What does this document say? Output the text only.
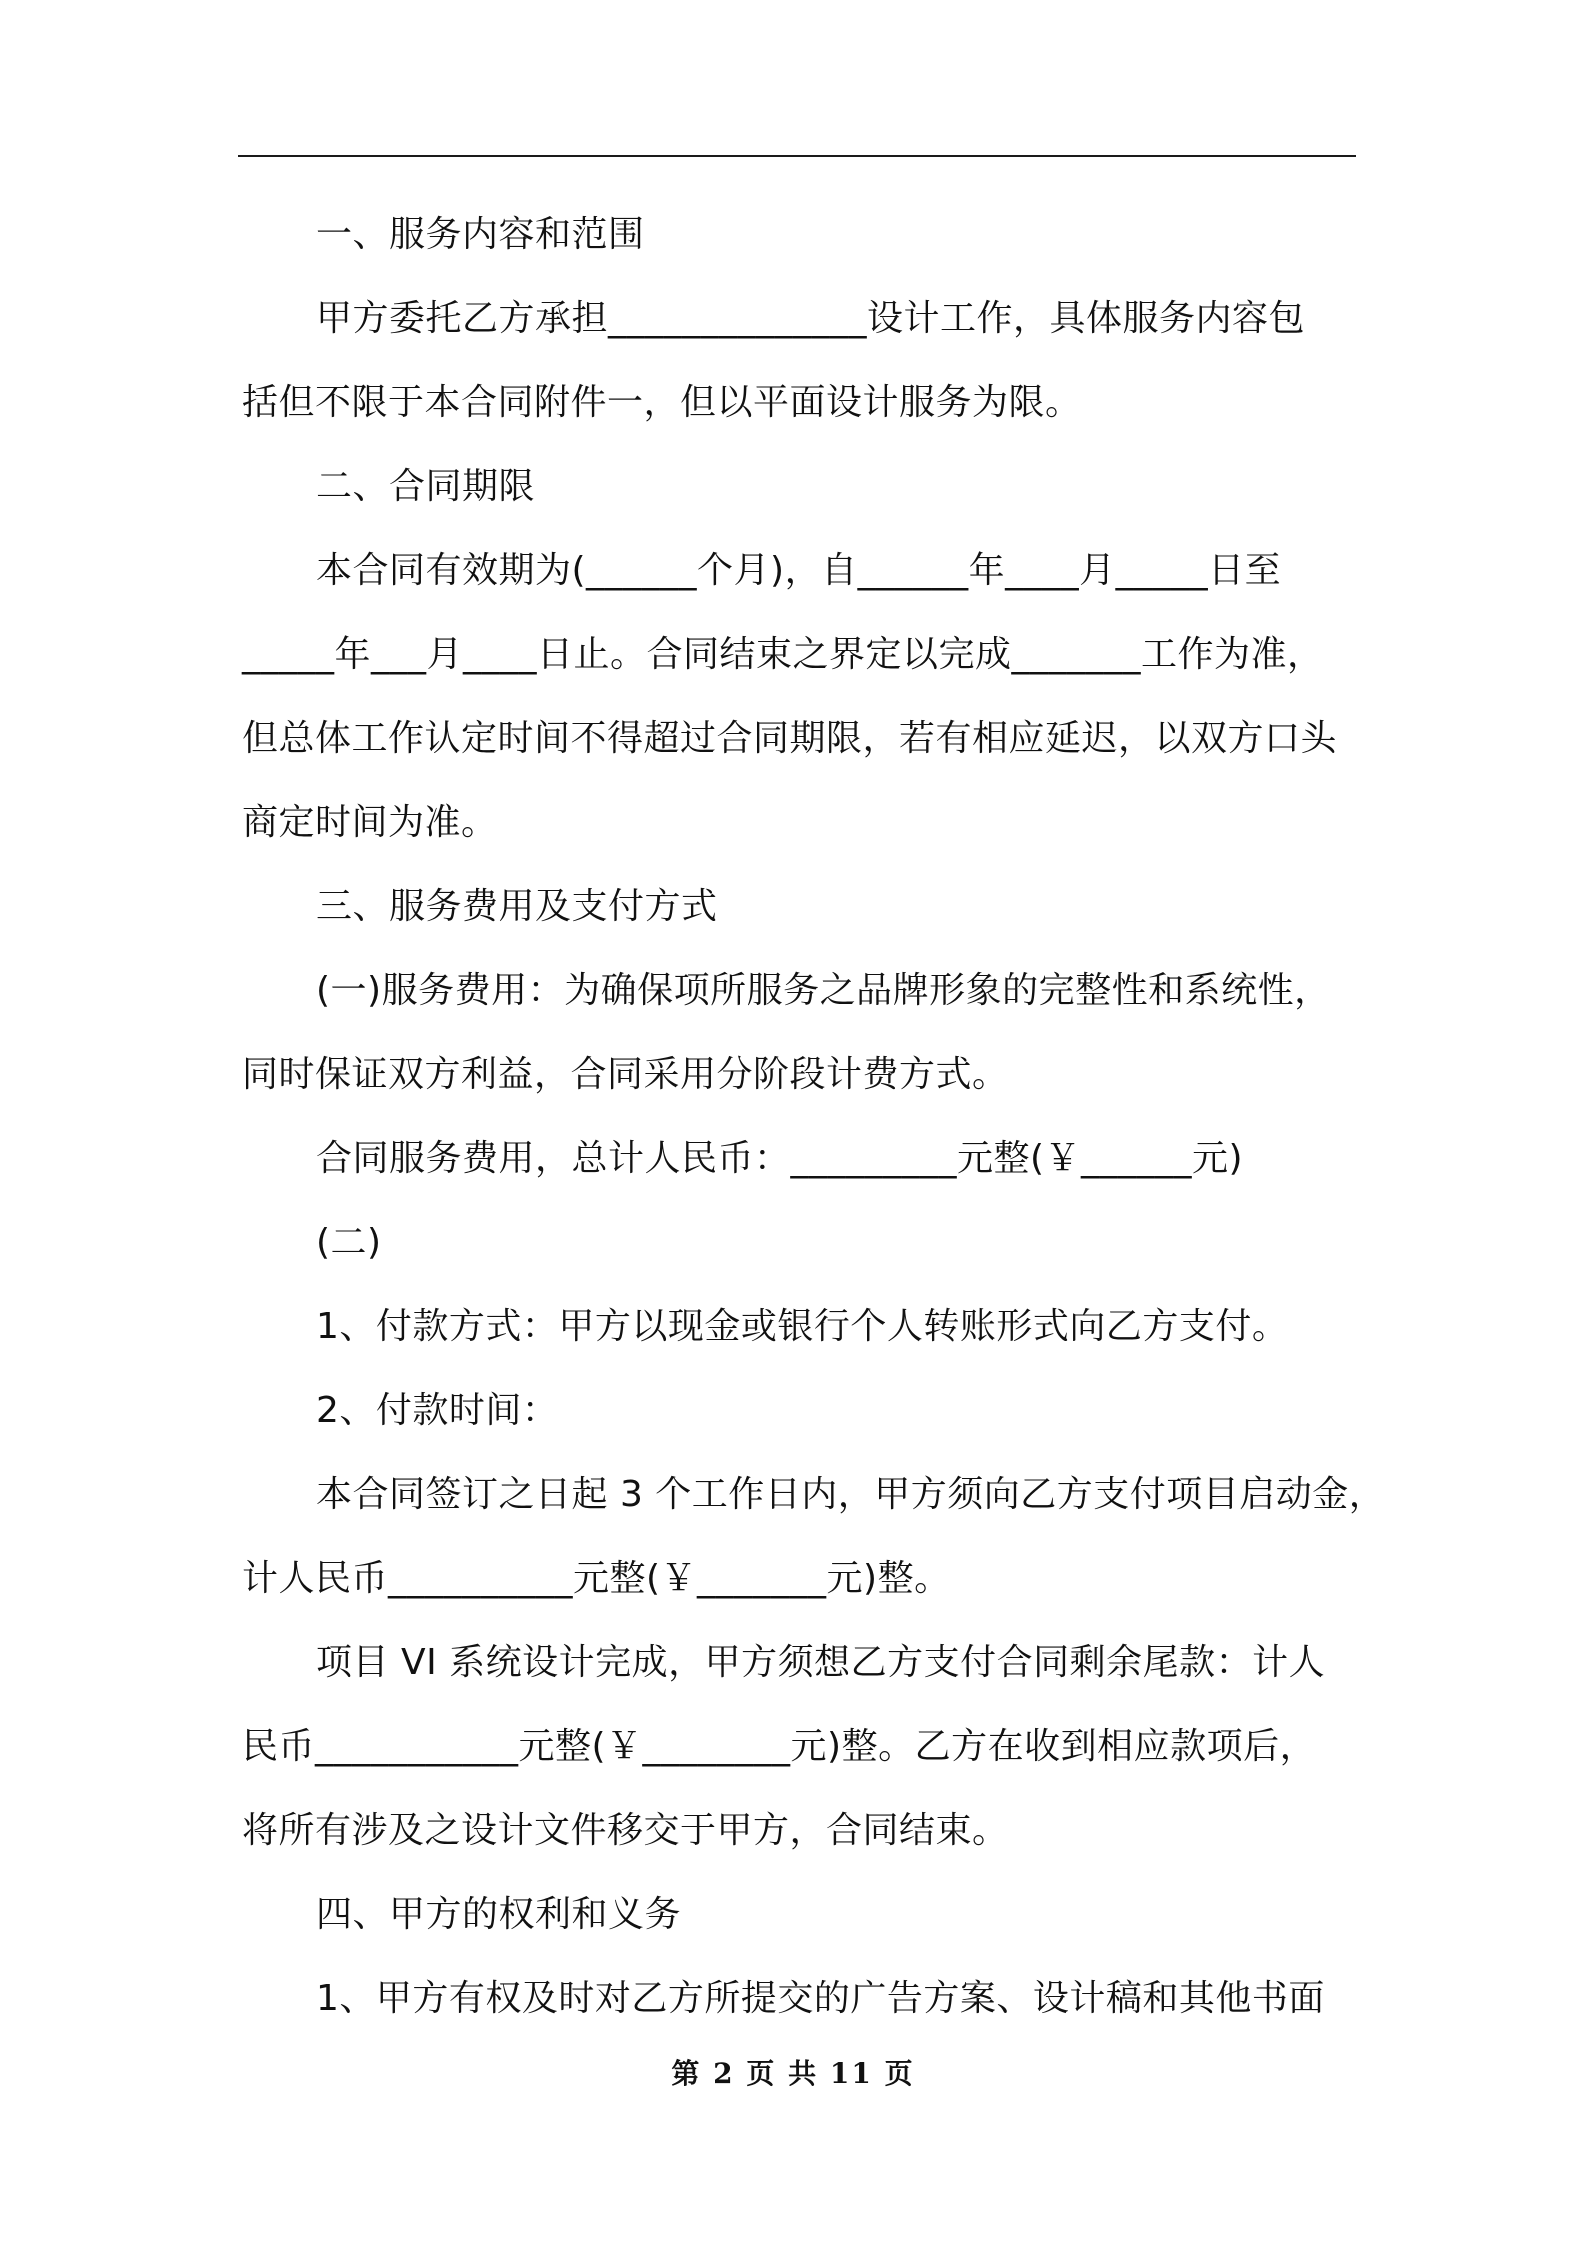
一、服务内容和范围
甲方委托乙方承担______________设计工作，具体服务内容包
括但不限于本合同附件一，但以平面设计服务为限。
二、合同期限
本合同有效期为(______个月)，自______年____月_____日至
_____年___月____日止。合同结束之界定以完成_______工作为准，
但总体工作认定时间不得超过合同期限，若有相应延迟，以双方口头
商定时间为准。
三、服务费用及支付方式
(一)服务费用：为确保项所服务之品牌形象的完整性和系统性，
同时保证双方利益，合同采用分阶段计费方式。
合同服务费用，总计人民币：_________元整(￥______元)
(二)
1、付款方式：甲方以现金或银行个人转账形式向乙方支付。
2、付款时间：
本合同签订之日起 3 个工作日内，甲方须向乙方支付项目启动金，
计人民币__________元整(￥_______元)整。
项目 VI 系统设计完成，甲方须想乙方支付合同剩余尾款：计人
民币___________元整(￥________元)整。乙方在收到相应款项后，
将所有涉及之设计文件移交于甲方，合同结束。
四、甲方的权利和义务
1、甲方有权及时对乙方所提交的广告方案、设计稿和其他书面
第 2 页 共 11 页
